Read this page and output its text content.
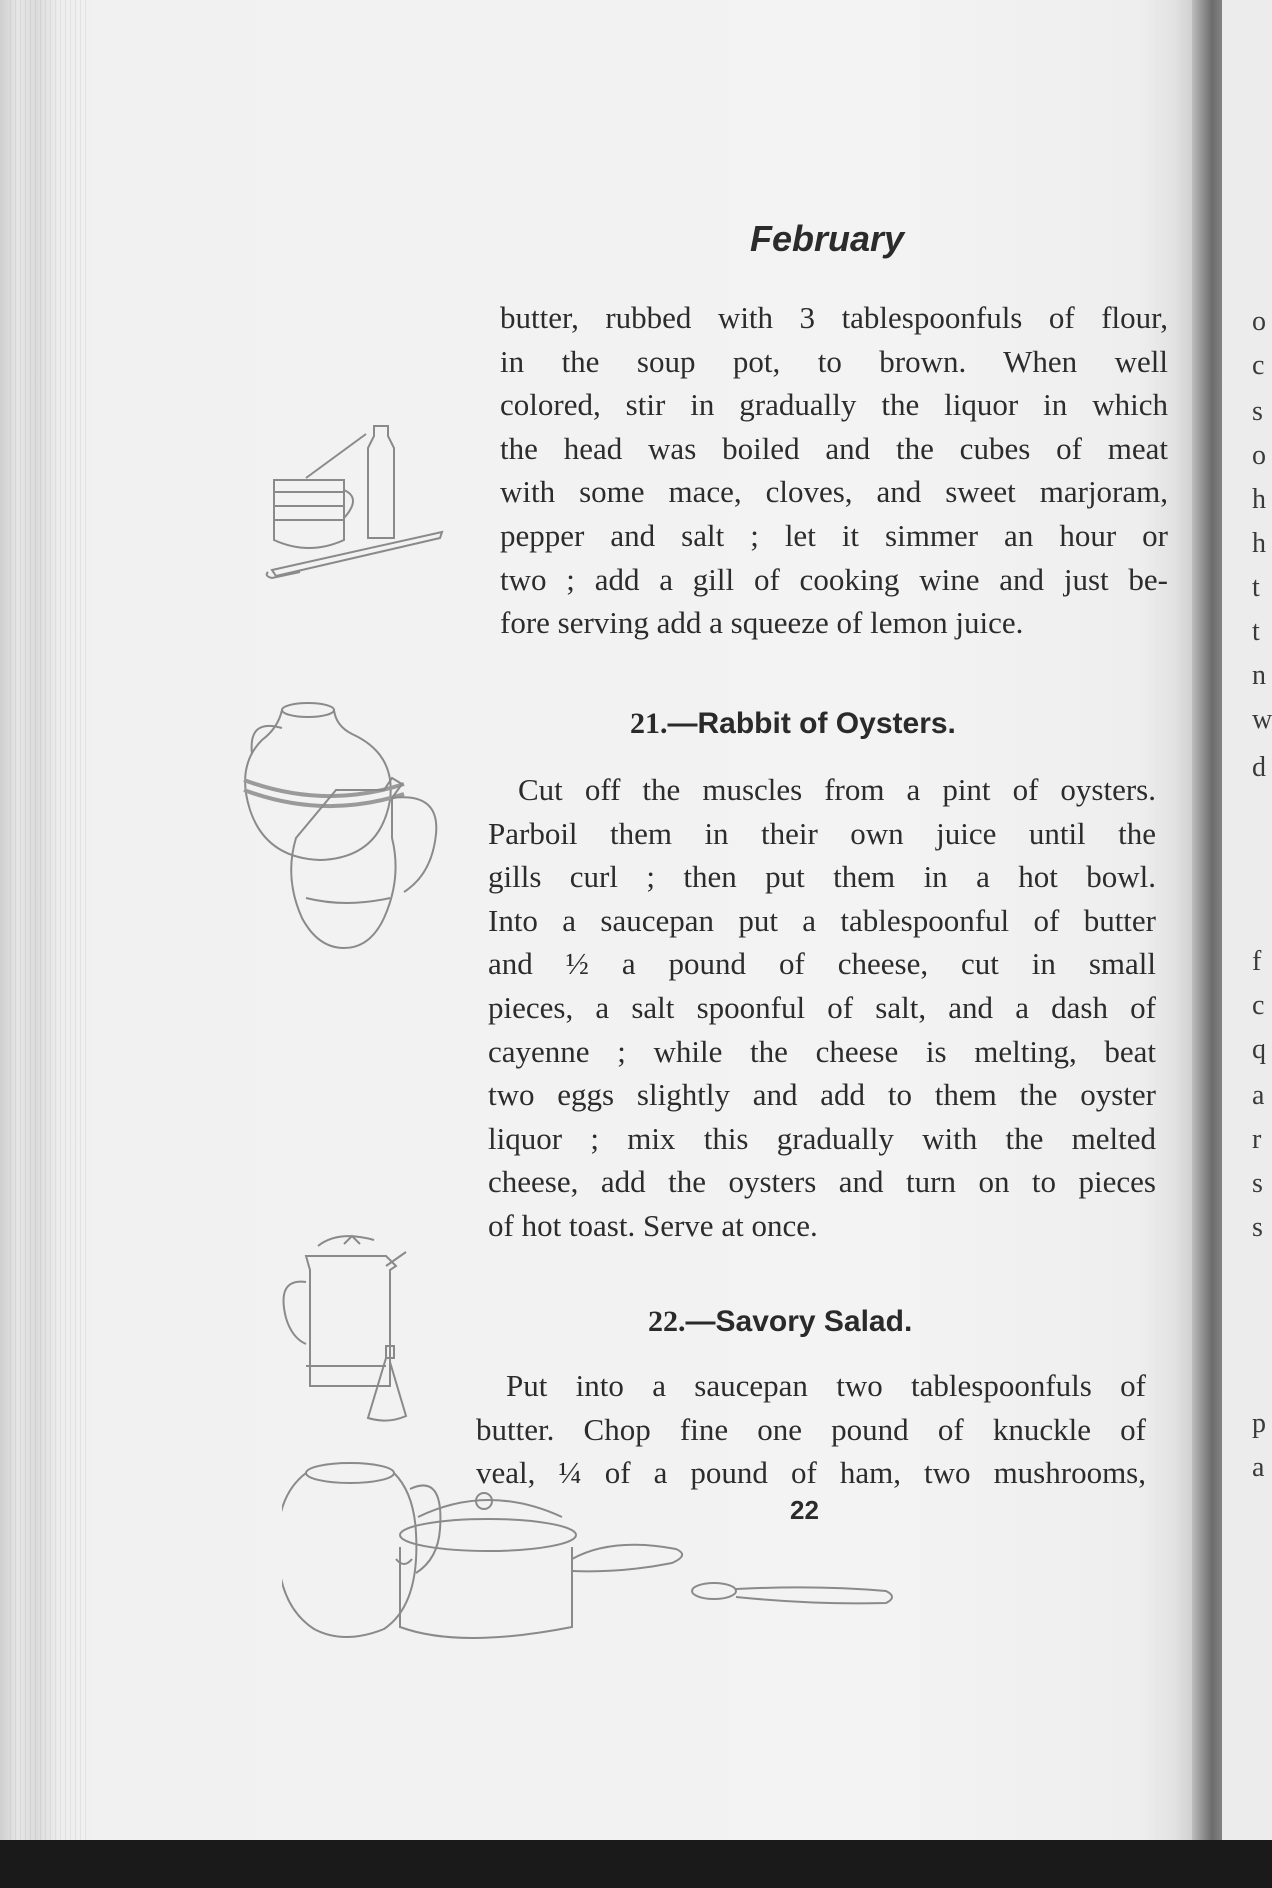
o
c
s
o
h
h
t
t
n
w
d
f
c
q
a
r
s
s
p
a
February
butter, rubbed with 3 tablespoonfuls of flour,
in the soup pot, to brown. When well
colored, stir in gradually the liquor in which
the head was boiled and the cubes of meat
with some mace, cloves, and sweet marjoram,
pepper and salt ; let it simmer an hour or
two ; add a gill of cooking wine and just be-
fore serving add a squeeze of lemon juice.
21.—Rabbit of Oysters.
Cut off the muscles from a pint of oysters.
Parboil them in their own juice until the
gills curl ; then put them in a hot bowl.
Into a saucepan put a tablespoonful of butter
and ½ a pound of cheese, cut in small
pieces, a salt spoonful of salt, and a dash of
cayenne ; while the cheese is melting, beat
two eggs slightly and add to them the oyster
liquor ; mix this gradually with the melted
cheese, add the oysters and turn on to pieces
of hot toast. Serve at once.
22.—Savory Salad.
Put into a saucepan two tablespoonfuls of
butter. Chop fine one pound of knuckle of
veal, ¼ of a pound of ham, two mushrooms,
22
